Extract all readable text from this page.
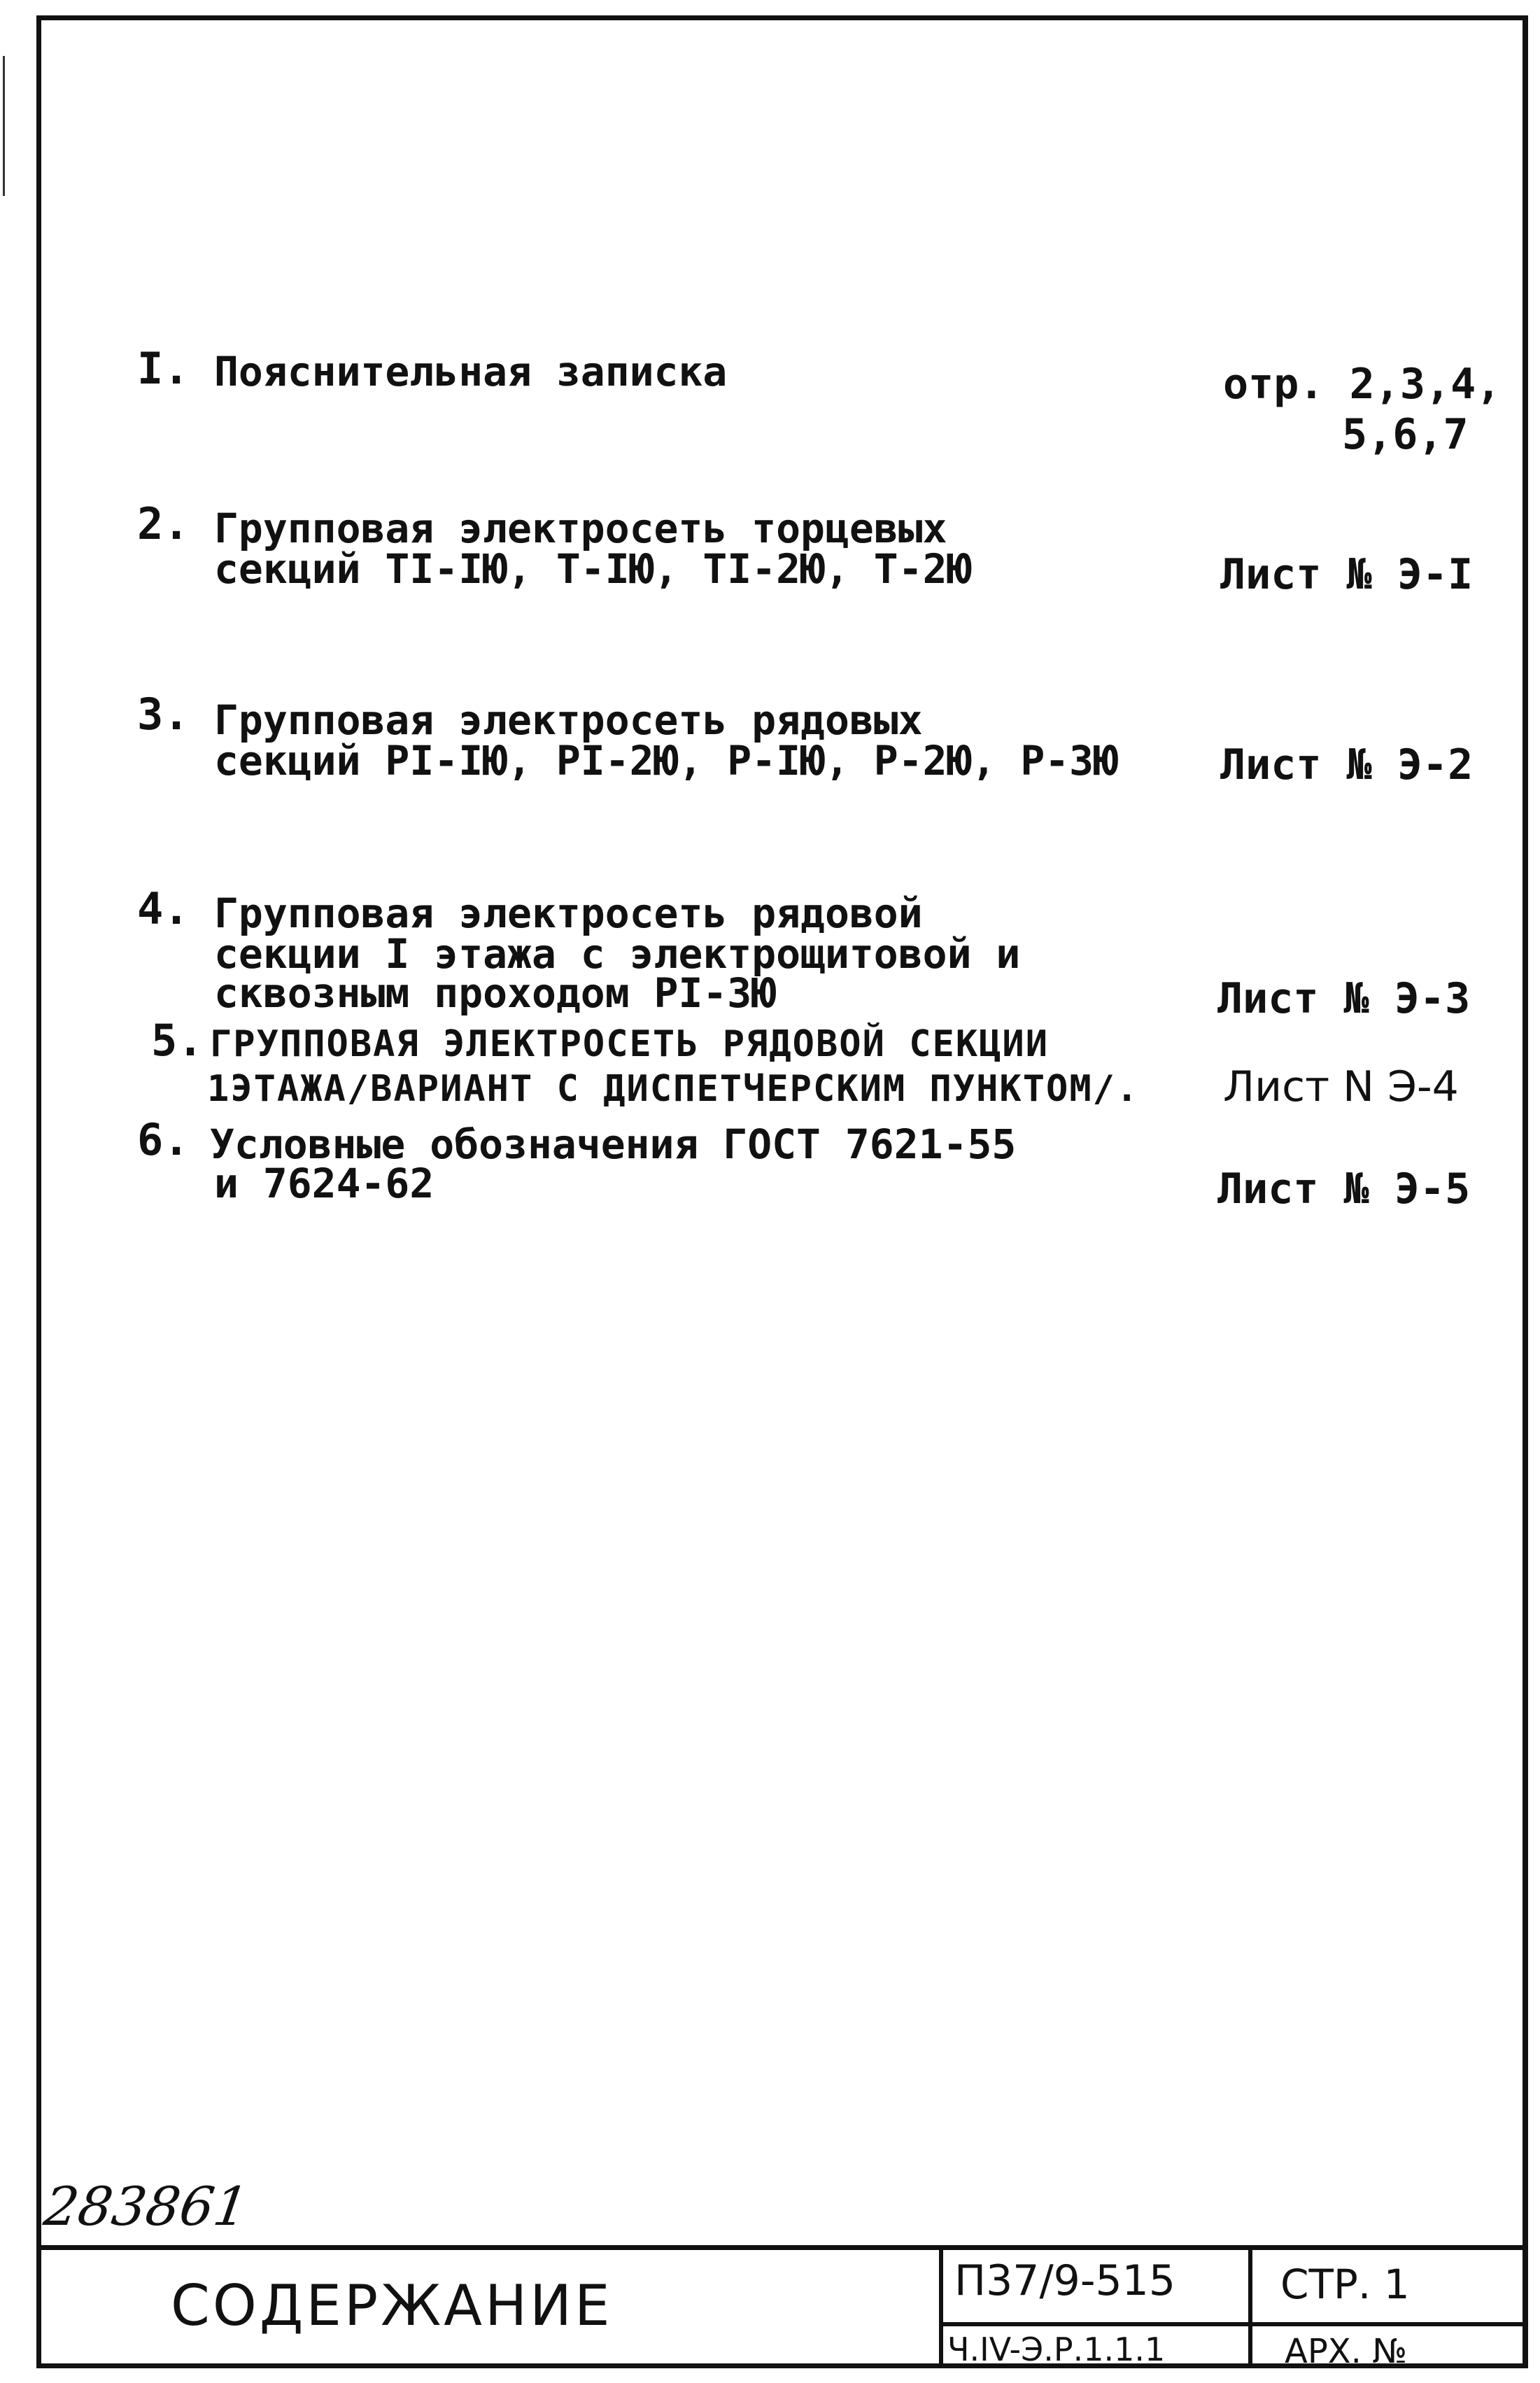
I. Пояснительная записка	отр. 2,3,4,
5,6,7
2. Групповая электросеть торцевых
секций ТI-IЮ, Т-IЮ, ТI-2Ю, Т-2Ю	Лист № Э-I
3. Групповая электросеть рядовых
секций РI-IЮ, РI-2Ю, Р-IЮ, Р-2Ю, Р-3Ю Лист № Э-2
4. Групповая электросеть рядовой
секции I этажа с электрощитовой и
сквозным проходом РI-3Ю	Лист № Э-3
5. ГРУППОВАЯ ЭЛЕКТРОСЕТЬ РЯДОВОЙ СЕКЦИИ
1ЭТАЖА/ВАРИАНТ С ДИСПЕТЧЕРСКИМ ПУНКТОМ/. Лист N Э-4
6. Условные обозначения ГОСТ 7621-55
и 7624-62	Лист № Э-5
283861
СОДЕРЖАНИЕ	П37/9-515	СТР. 1
Ч.IV-Э.Р.1.1.1	АРХ. №
